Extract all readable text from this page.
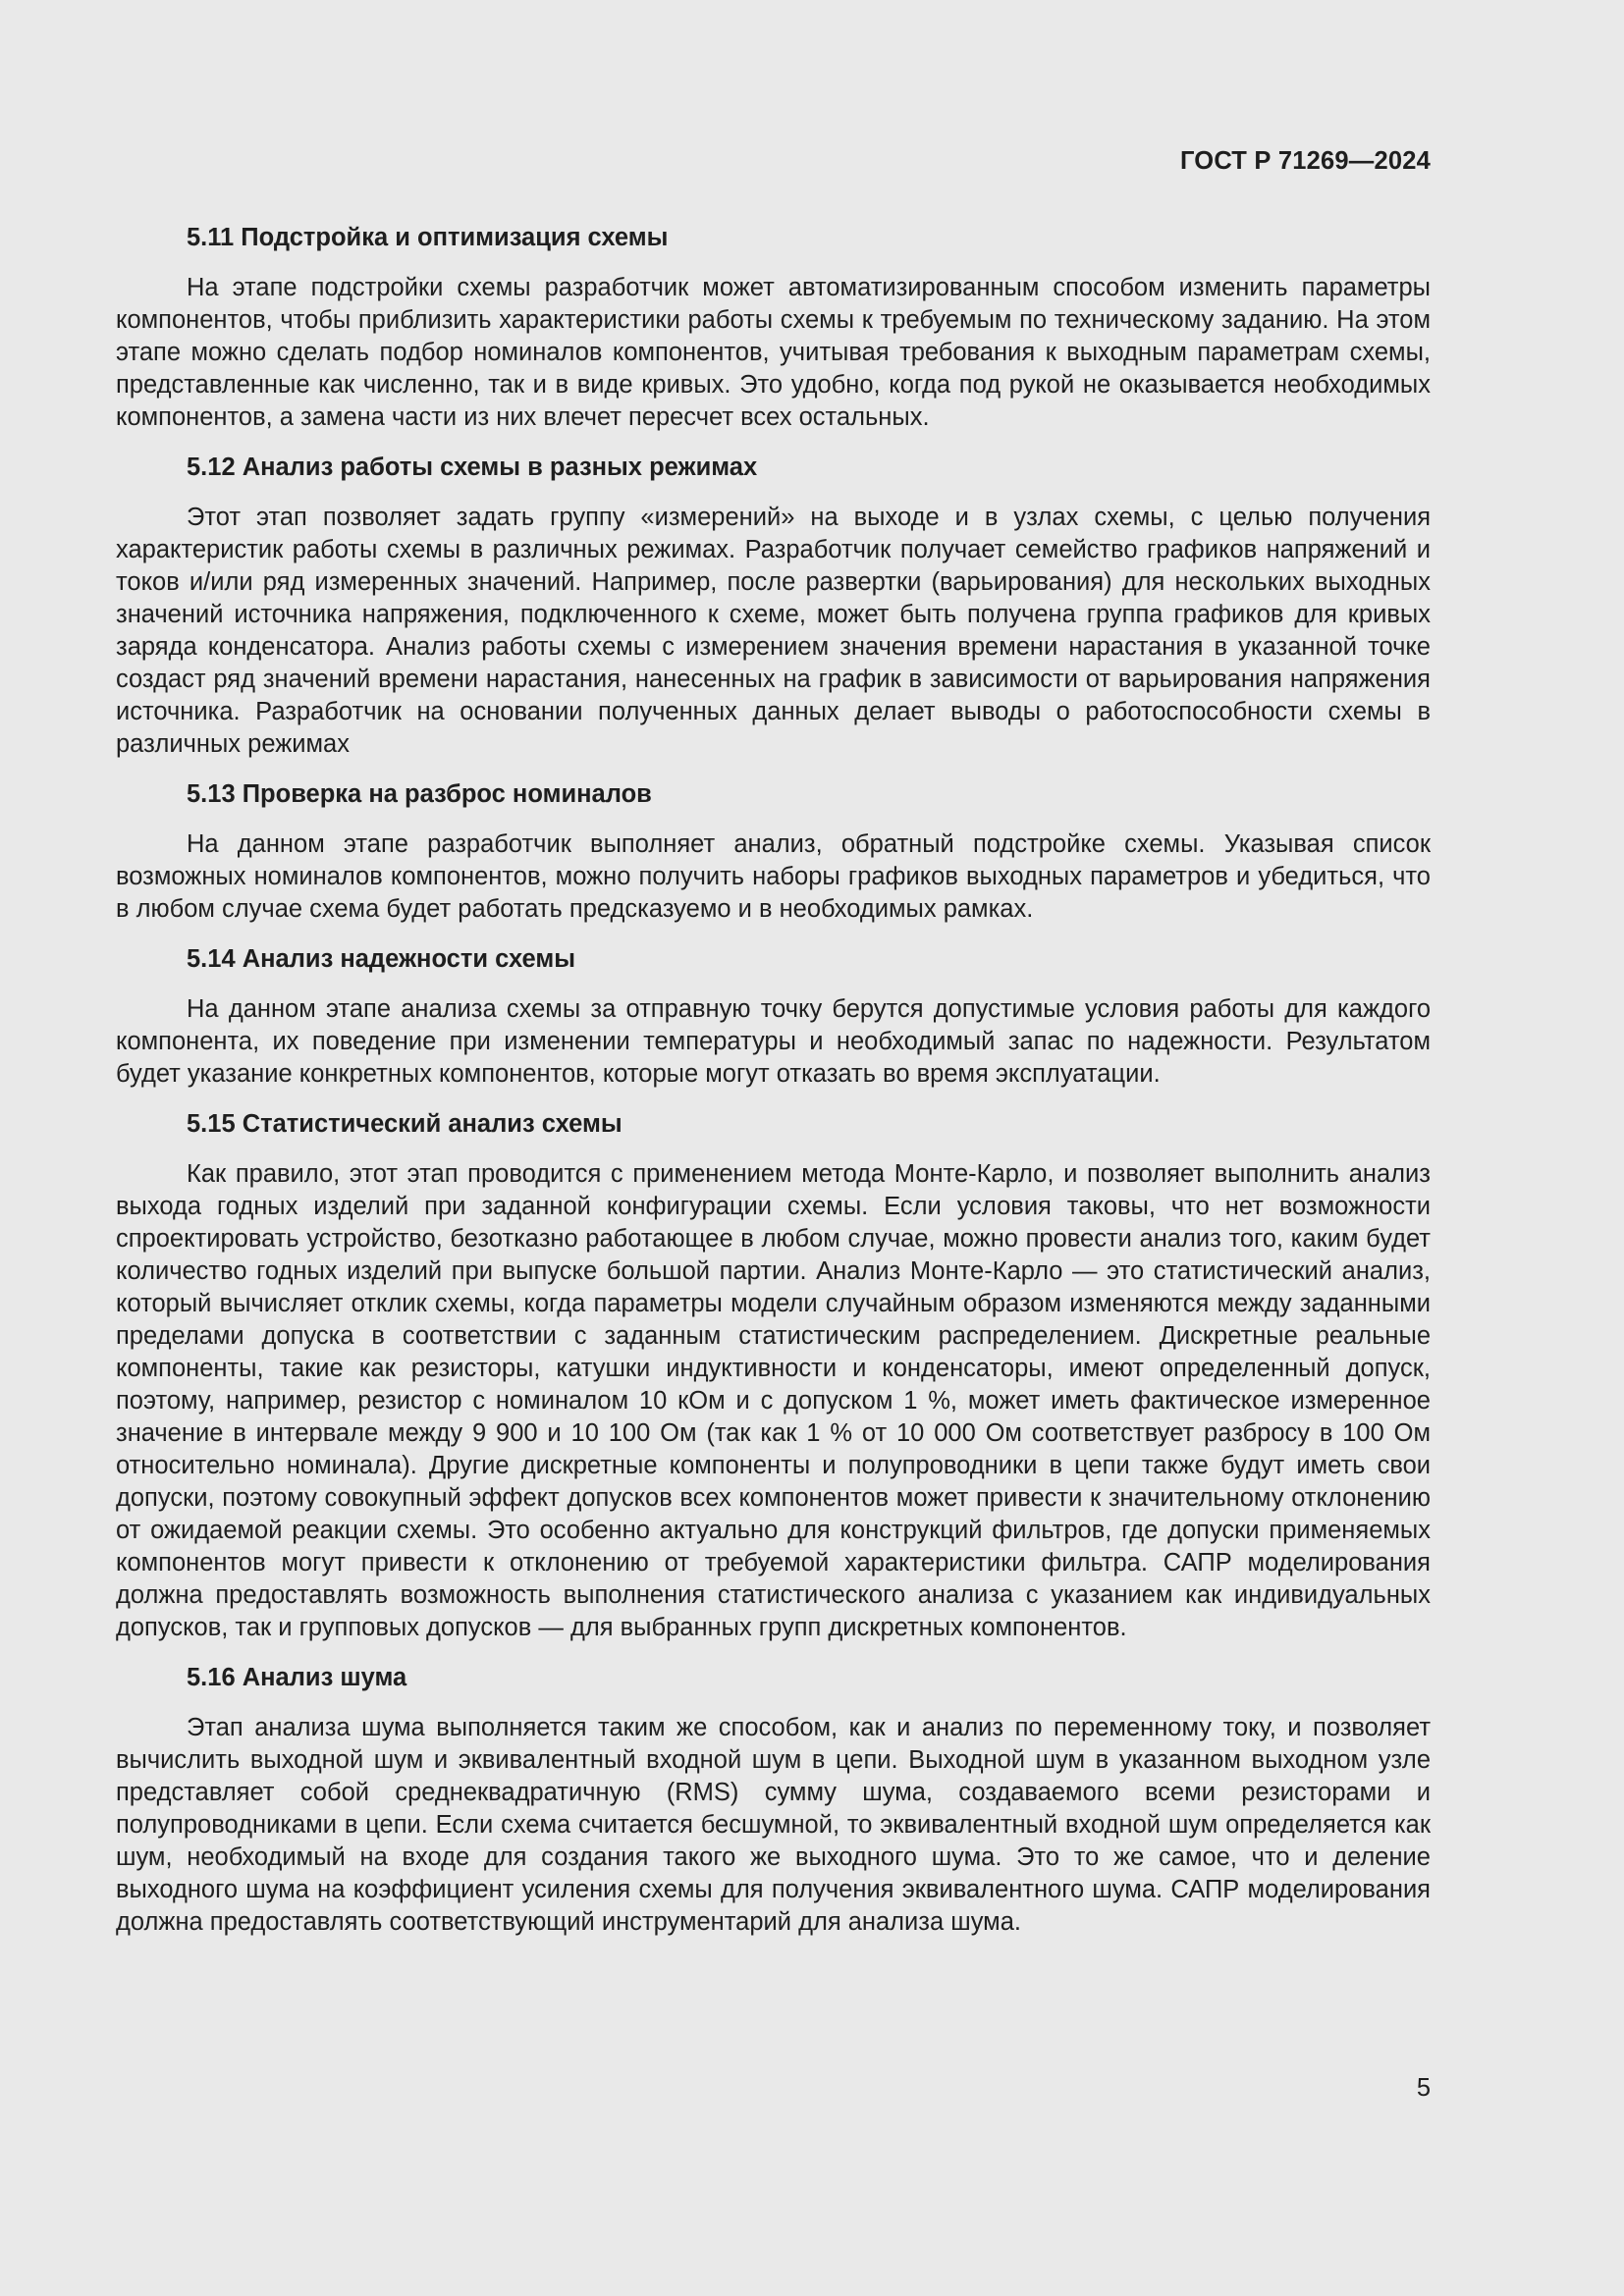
ГОСТ Р 71269—2024
5.11 Подстройка и оптимизация схемы

На этапе подстройки схемы разработчик может автоматизированным способом изменить параметры компонентов, чтобы приблизить характеристики работы схемы к требуемым по техническому заданию. На этом этапе можно сделать подбор номиналов компонентов, учитывая требования к выходным параметрам схемы, представленные как численно, так и в виде кривых. Это удобно, когда под рукой не оказывается необходимых компонентов, а замена части из них влечет пересчет всех остальных.

5.12 Анализ работы схемы в разных режимах

Этот этап позволяет задать группу «измерений» на выходе и в узлах схемы, с целью получения характеристик работы схемы в различных режимах. Разработчик получает семейство графиков напряжений и токов и/или ряд измеренных значений. Например, после развертки (варьирования) для нескольких выходных значений источника напряжения, подключенного к схеме, может быть получена группа графиков для кривых заряда конденсатора. Анализ работы схемы с измерением значения времени нарастания в указанной точке создаст ряд значений времени нарастания, нанесенных на график в зависимости от варьирования напряжения источника. Разработчик на основании полученных данных делает выводы о работоспособности схемы в различных режимах

5.13 Проверка на разброс номиналов

На данном этапе разработчик выполняет анализ, обратный подстройке схемы. Указывая список возможных номиналов компонентов, можно получить наборы графиков выходных параметров и убедиться, что в любом случае схема будет работать предсказуемо и в необходимых рамках.

5.14 Анализ надежности схемы

На данном этапе анализа схемы за отправную точку берутся допустимые условия работы для каждого компонента, их поведение при изменении температуры и необходимый запас по надежности. Результатом будет указание конкретных компонентов, которые могут отказать во время эксплуатации.

5.15 Статистический анализ схемы

Как правило, этот этап проводится с применением метода Монте-Карло, и позволяет выполнить анализ выхода годных изделий при заданной конфигурации схемы. Если условия таковы, что нет возможности спроектировать устройство, безотказно работающее в любом случае, можно провести анализ того, каким будет количество годных изделий при выпуске большой партии. Анализ Монте-Карло — это статистический анализ, который вычисляет отклик схемы, когда параметры модели случайным образом изменяются между заданными пределами допуска в соответствии с заданным статистическим распределением. Дискретные реальные компоненты, такие как резисторы, катушки индуктивности и конденсаторы, имеют определенный допуск, поэтому, например, резистор с номиналом 10 кОм и с допуском 1 %, может иметь фактическое измеренное значение в интервале между 9 900 и 10 100 Ом (так как 1 % от 10 000 Ом соответствует разбросу в 100 Ом относительно номинала). Другие дискретные компоненты и полупроводники в цепи также будут иметь свои допуски, поэтому совокупный эффект допусков всех компонентов может привести к значительному отклонению от ожидаемой реакции схемы. Это особенно актуально для конструкций фильтров, где допуски применяемых компонентов могут привести к отклонению от требуемой характеристики фильтра. САПР моделирования должна предоставлять возможность выполнения статистического анализа с указанием как индивидуальных допусков, так и групповых допусков — для выбранных групп дискретных компонентов.

5.16 Анализ шума

Этап анализа шума выполняется таким же способом, как и анализ по переменному току, и позволяет вычислить выходной шум и эквивалентный входной шум в цепи. Выходной шум в указанном выходном узле представляет собой среднеквадратичную (RMS) сумму шума, создаваемого всеми резисторами и полупроводниками в цепи. Если схема считается бесшумной, то эквивалентный входной шум определяется как шум, необходимый на входе для создания такого же выходного шума. Это то же самое, что и деление выходного шума на коэффициент усиления схемы для получения эквивалентного шума. САПР моделирования должна предоставлять соответствующий инструментарий для анализа шума.

5
